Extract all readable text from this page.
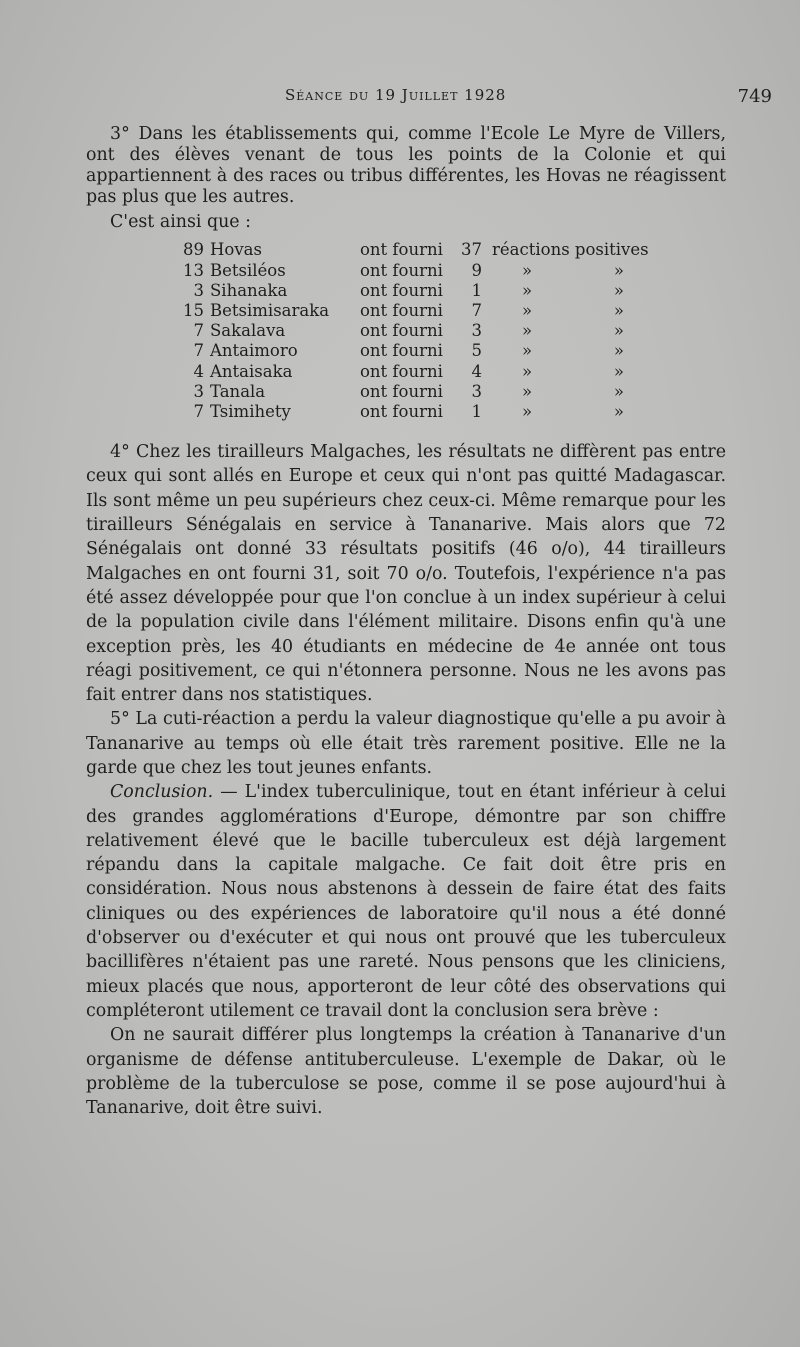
Séance du 19 Juillet 1928	749

3° Dans les établissements qui, comme l'Ecole Le Myre de Villers, ont des élèves venant de tous les points de la Colonie et qui appartiennent à des races ou tribus différentes, les Hovas ne réagissent pas plus que les autres.

C'est ainsi que :

89 Hovas	ont fourni	37 réactions positives
13 Betsiléos	ont fourni	9	»	»
3 Sihanaka	ont fourni	1	»	»
15 Betsimisaraka	ont fourni	7	»	»
7 Sakalava	ont fourni	3	»	»
7 Antaimoro	ont fourni	5	»	»
4 Antaisaka	ont fourni	4	»	»
3 Tanala	ont fourni	3	»	»
7 Tsimihety	ont fourni	1	»	»

4° Chez les tirailleurs Malgaches, les résultats ne diffèrent pas entre ceux qui sont allés en Europe et ceux qui n'ont pas quitté Madagascar. Ils sont même un peu supérieurs chez ceux-ci. Même remarque pour les tirailleurs Sénégalais en service à Tananarive. Mais alors que 72 Sénégalais ont donné 33 résultats positifs (46 o/o), 44 tirailleurs Malgaches en ont fourni 31, soit 70 o/o. Toutefois, l'expérience n'a pas été assez développée pour que l'on conclue à un index supérieur à celui de la population civile dans l'élément militaire. Disons enfin qu'à une exception près, les 40 étudiants en médecine de 4e année ont tous réagi positivement, ce qui n'étonnera personne. Nous ne les avons pas fait entrer dans nos statistiques.

5° La cuti-réaction a perdu la valeur diagnostique qu'elle a pu avoir à Tananarive au temps où elle était très rarement positive. Elle ne la garde que chez les tout jeunes enfants.

Conclusion. — L'index tuberculinique, tout en étant inférieur à celui des grandes agglomérations d'Europe, démontre par son chiffre relativement élevé que le bacille tuberculeux est déjà largement répandu dans la capitale malgache. Ce fait doit être pris en considération. Nous nous abstenons à dessein de faire état des faits cliniques ou des expériences de laboratoire qu'il nous a été donné d'observer ou d'exécuter et qui nous ont prouvé que les tuberculeux bacillifères n'étaient pas une rareté. Nous pensons que les cliniciens, mieux placés que nous, apporteront de leur côté des observations qui compléteront utilement ce travail dont la conclusion sera brève :

On ne saurait différer plus longtemps la création à Tananarive d'un organisme de défense antituberculeuse. L'exemple de Dakar, où le problème de la tuberculose se pose, comme il se pose aujourd'hui à Tananarive, doit être suivi.
